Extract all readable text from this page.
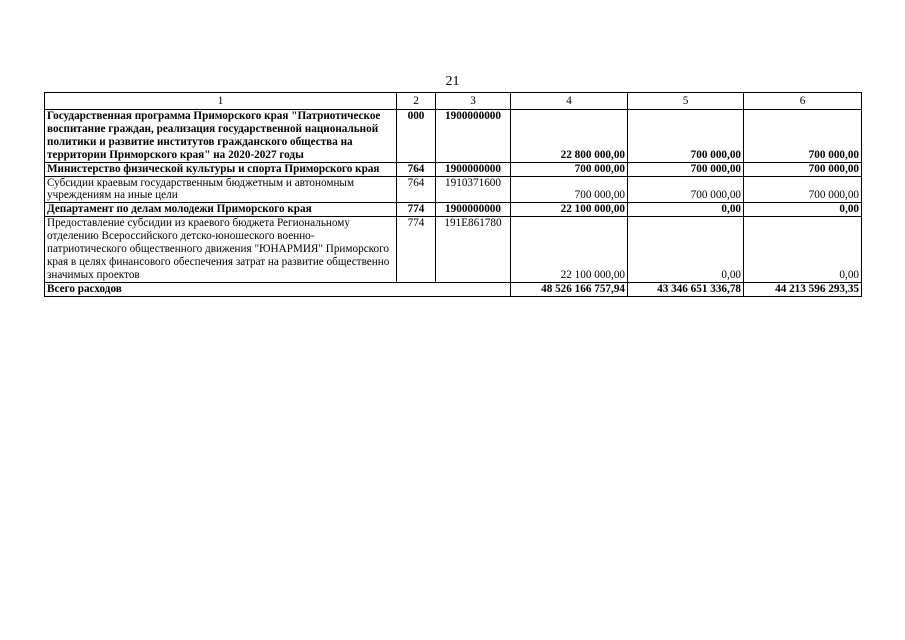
21
1	2	3	4	5	6
Государственная программа Приморского края "Патриотическое воспитание граждан, реализация государственной национальной политики и развитие институтов гражданского общества на территории Приморского края" на 2020-2027 годы	000	1900000000	22 800 000,00	700 000,00	700 000,00
Министерство физической культуры и спорта Приморского края	764	1900000000	700 000,00	700 000,00	700 000,00
Субсидии краевым государственным бюджетным и автономным учреждениям на иные цели	764	1910371600	700 000,00	700 000,00	700 000,00
Департамент по делам молодежи Приморского края	774	1900000000	22 100 000,00	0,00	0,00
Предоставление субсидии из краевого бюджета Региональному отделению Всероссийского детско-юношеского военно-патриотического общественного движения "ЮНАРМИЯ" Приморского края в целях финансового обеспечения затрат на развитие общественно значимых проектов	774	191E861780	22 100 000,00	0,00	0,00
Всего расходов			48 526 166 757,94	43 346 651 336,78	44 213 596 293,35
